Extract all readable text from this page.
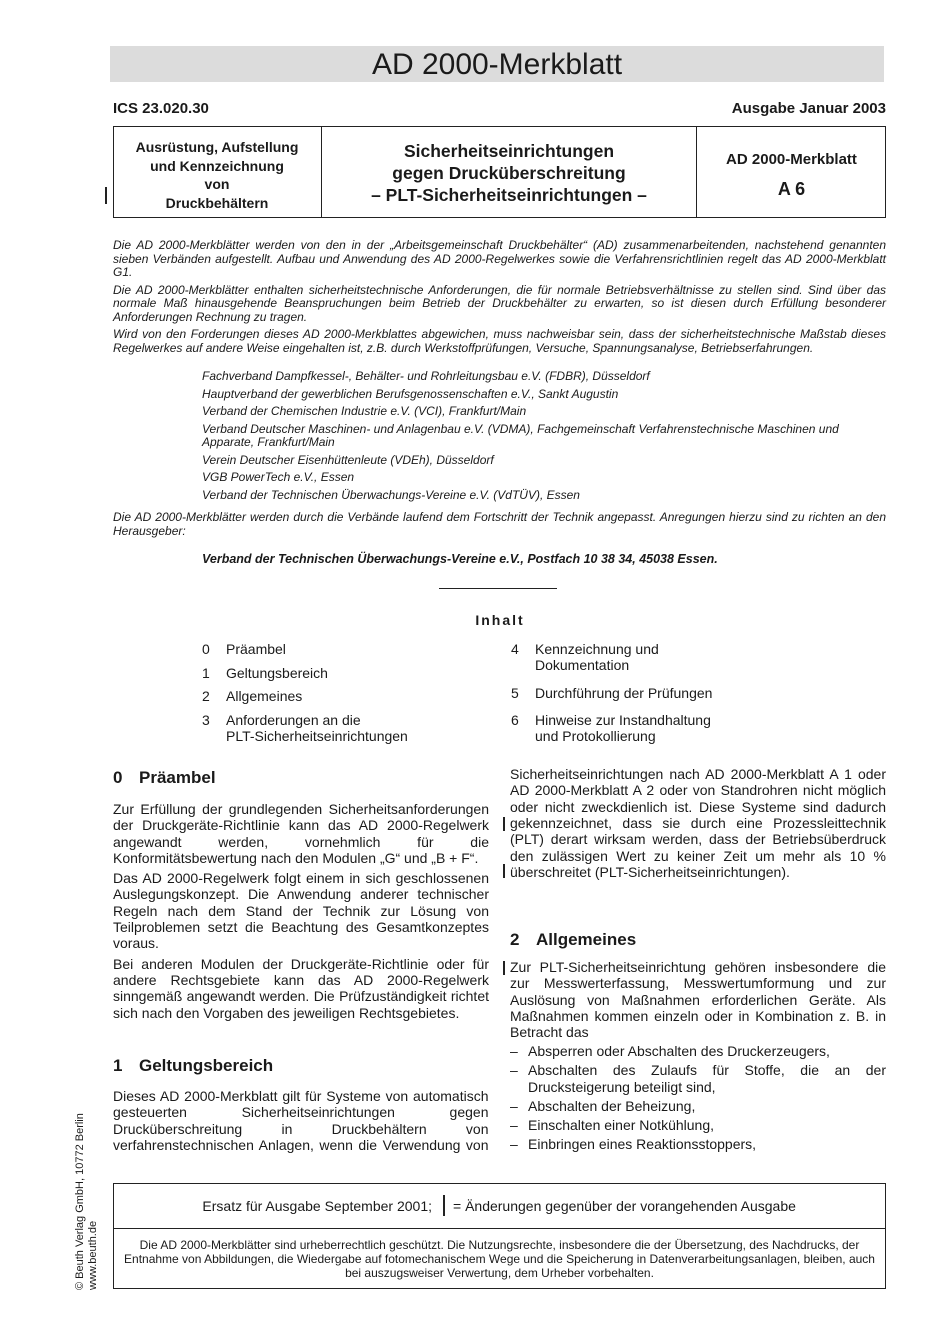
AD 2000-Merkblatt
ICS 23.020.30	Ausgabe Januar 2003
Ausrüstung, Aufstellung
und Kennzeichnung
von
Druckbehältern
Sicherheitseinrichtungen
gegen Drucküberschreitung
– PLT-Sicherheitseinrichtungen –
AD 2000-Merkblatt
A 6

Die AD 2000-Merkblätter werden von den in der „Arbeitsgemeinschaft Druckbehälter“ (AD) zusammenarbeitenden, nachstehend genannten sieben Verbänden aufgestellt. Aufbau und Anwendung des AD 2000-Regelwerkes sowie die Verfahrensrichtlinien regelt das AD 2000-Merkblatt G1.

Die AD 2000-Merkblätter enthalten sicherheitstechnische Anforderungen, die für normale Betriebsverhältnisse zu stellen sind. Sind über das normale Maß hinausgehende Beanspruchungen beim Betrieb der Druckbehälter zu erwarten, so ist diesen durch Erfüllung besonderer Anforderungen Rechnung zu tragen.

Wird von den Forderungen dieses AD 2000-Merkblattes abgewichen, muss nachweisbar sein, dass der sicherheitstechnische Maßstab dieses Regelwerkes auf andere Weise eingehalten ist, z.B. durch Werkstoffprüfungen, Versuche, Spannungsanalyse, Betriebserfahrungen.

Fachverband Dampfkessel-, Behälter- und Rohrleitungsbau e.V. (FDBR), Düsseldorf
Hauptverband der gewerblichen Berufsgenossenschaften e.V., Sankt Augustin
Verband der Chemischen Industrie e.V. (VCI), Frankfurt/Main
Verband Deutscher Maschinen- und Anlagenbau e.V. (VDMA), Fachgemeinschaft Verfahrenstechnische Maschinen und Apparate, Frankfurt/Main
Verein Deutscher Eisenhüttenleute (VDEh), Düsseldorf
VGB PowerTech e.V., Essen
Verband der Technischen Überwachungs-Vereine e.V. (VdTÜV), Essen
Die AD 2000-Merkblätter werden durch die Verbände laufend dem Fortschritt der Technik angepasst. Anregungen hierzu sind zu richten an den Herausgeber:
Verband der Technischen Überwachungs-Vereine e.V., Postfach 10 38 34, 45038 Essen.
Inhalt
0 Präambel
1 Geltungsbereich
2 Allgemeines
3 Anforderungen an die
PLT-Sicherheitseinrichtungen
4 Kennzeichnung und
Dokumentation
5 Durchführung der Prüfungen
6 Hinweise zur Instandhaltung
und Protokollierung
0 Präambel

Zur Erfüllung der grundlegenden Sicherheitsanforderungen der Druckgeräte-Richtlinie kann das AD 2000-Regelwerk angewandt werden, vornehmlich für die Konformitätsbewertung nach den Modulen „G“ und „B + F“.

Das AD 2000-Regelwerk folgt einem in sich geschlossenen Auslegungskonzept. Die Anwendung anderer technischer Regeln nach dem Stand der Technik zur Lösung von Teilproblemen setzt die Beachtung des Gesamtkonzeptes voraus.

Bei anderen Modulen der Druckgeräte-Richtlinie oder für andere Rechtsgebiete kann das AD 2000-Regelwerk sinngemäß angewandt werden. Die Prüfzuständigkeit richtet sich nach den Vorgaben des jeweiligen Rechtsgebietes.

1 Geltungsbereich
Dieses AD 2000-Merkblatt gilt für Systeme von automatisch gesteuerten Sicherheitseinrichtungen gegen Drucküberschreitung in Druckbehältern von verfahrenstechnischen Anlagen, wenn die Verwendung von
Sicherheitseinrichtungen nach AD 2000-Merkblatt A 1 oder AD 2000-Merkblatt A 2 oder von Standrohren nicht möglich oder nicht zweckdienlich ist. Diese Systeme sind dadurch gekennzeichnet, dass sie durch eine Prozessleittechnik (PLT) derart wirksam werden, dass der Betriebsüberdruck den zulässigen Wert zu keiner Zeit um mehr als 10 % überschreitet (PLT-Sicherheitseinrichtungen).
2 Allgemeines
Zur PLT-Sicherheitseinrichtung gehören insbesondere die zur Messwerterfassung, Messwertumformung und zur Auslösung von Maßnahmen erforderlichen Geräte. Als Maßnahmen kommen einzeln oder in Kombination z. B. in Betracht das
– Absperren oder Abschalten des Druckerzeugers,
– Abschalten des Zulaufs für Stoffe, die an der Drucksteigerung beteiligt sind,
– Abschalten der Beheizung,
– Einschalten einer Notkühlung,
– Einbringen eines Reaktionsstoppers,
© Beuth Verlag GmbH, 10772 Berlin www.beuth.de
Ersatz für Ausgabe September 2001; = Änderungen gegenüber der vorangehenden Ausgabe
Die AD 2000-Merkblätter sind urheberrechtlich geschützt. Die Nutzungsrechte, insbesondere die der Übersetzung, des Nachdrucks, der Entnahme von Abbildungen, die Wiedergabe auf fotomechanischem Wege und die Speicherung in Datenverarbeitungsanlagen, bleiben, auch bei auszugsweiser Verwertung, dem Urheber vorbehalten.
